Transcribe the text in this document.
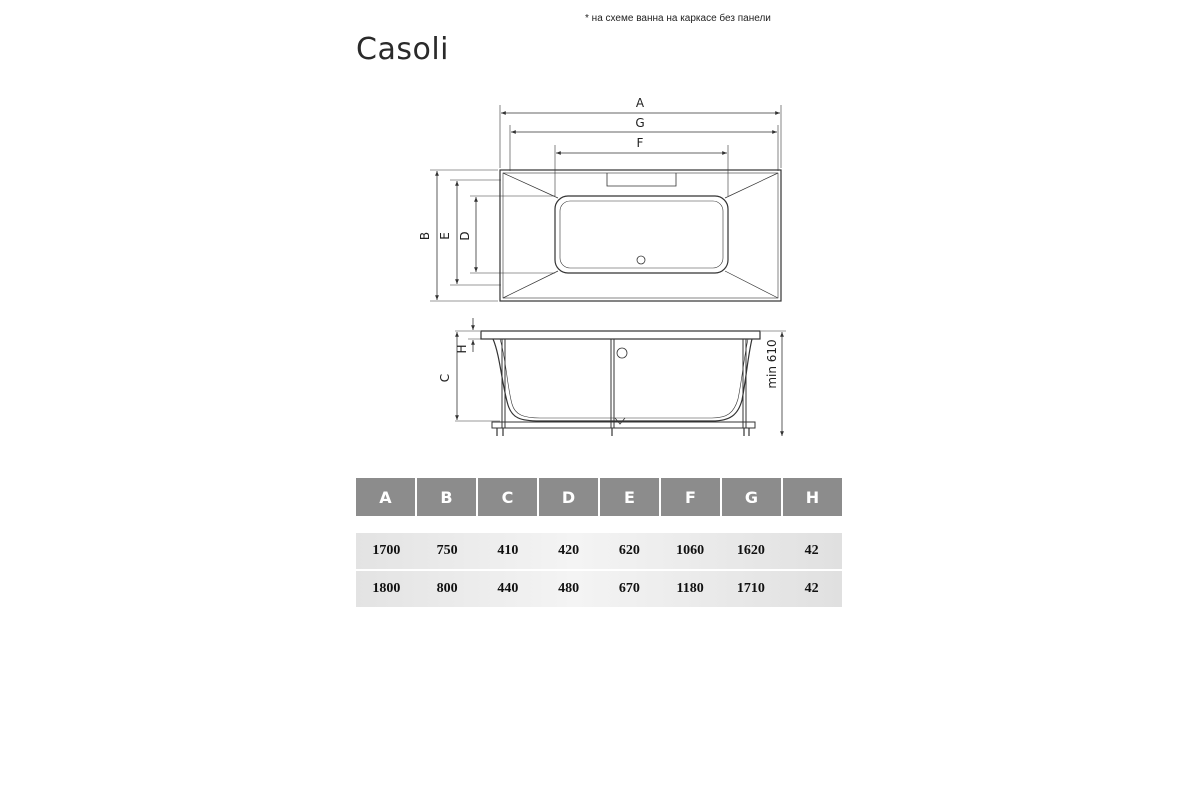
* на схеме ванна на каркасе без панели
Casoli
A
G
F
B E D
H
C	min 610
A	B	C	D	E	F	G	H
1700	750	410	420	620	1060	1620	42
1800	800	440	480	670	1180	1710	42
